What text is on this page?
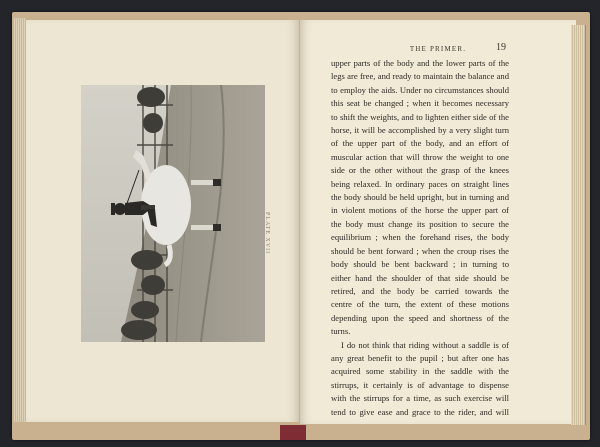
PLATE XVII
THE PRIMER.	19
upper parts of the body and the lower parts of the
legs are free, and ready to maintain the balance and
to employ the aids. Under no circumstances should
this seat be changed ; when it becomes necessary
to shift the weights, and to lighten either side of the
horse, it will be accomplished by a very slight turn
of the upper part of the body, and an effort of
muscular action that will throw the weight to one
side or the other without the grasp of the knees
being relaxed. In ordinary paces on straight lines
the body should be held upright, but in turning and
in violent motions of the horse the upper part of
the body must change its position to secure the
equilibrium ; when the forehand rises, the body
should be bent forward ; when the croup rises the
body should be bent backward ; in turning to
either hand the shoulder of that side should be
retired, and the body be carried towards the
centre of the turn, the extent of these motions
depending upon the speed and shortness of the
turns.
I do not think that riding without a saddle is of
any great benefit to the pupil ; but after one has
acquired some stability in the saddle with the
stirrups, it certainly is of advantage to dispense
with the stirrups for a time, as such exercise will
tend to give ease and grace to the rider, and will
